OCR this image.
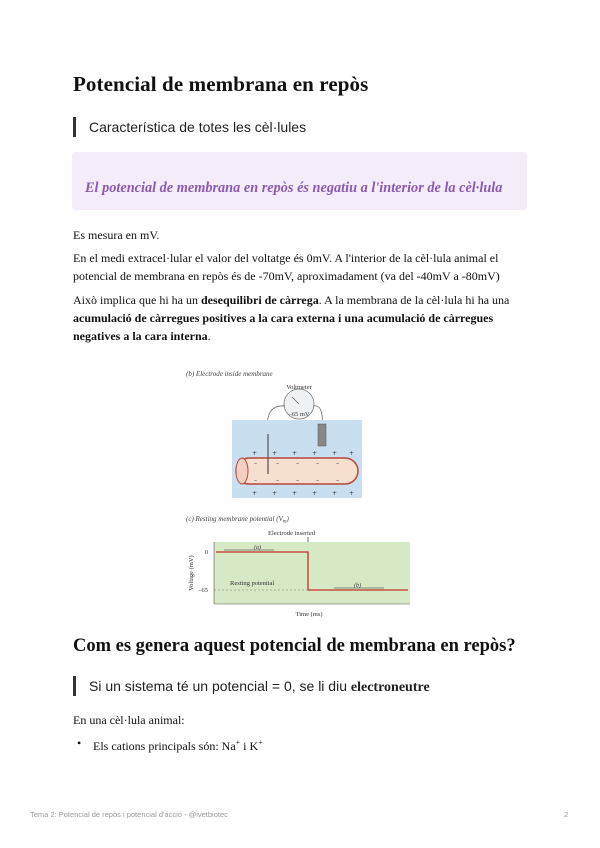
Potencial de membrana en repòs
Característica de totes les cèl·lules

El potencial de membrana en repòs és negatiu a l'interior de la cèl·lula

Es mesura en mV.

En el medi extracel·lular el valor del voltatge és 0mV. A l'interior de la cèl·lula animal el potencial de membrana en repòs és de -70mV, aproximadament (va del -40mV a -80mV)

Això implica que hi ha un desequilibri de càrrega. A la membrana de la cèl·lula hi ha una acumulació de càrregues positives a la cara externa i una acumulació de càrregues negatives a la cara interna.

(b) Electrode inside membrane
Voltmeter
–65 mV
+ + + + + +
+ + + + + +
–	–	–	–	–
–	–	–	–	–
(c) Resting membrane potential $(V_m)$
Electrode inserted
0
–65
Voltage (mV)
Time (ms)
Resting potential
(a)
(b)
Com es genera aquest potencial de membrana en repòs?
Si un sistema té un potencial = 0, se li diu electroneutre

En una cèl·lula animal:

• Els cations principals són: Na+ i K+
Tema 2: Potencial de repòs i potencial d'acció - @ivetbiotec	2
